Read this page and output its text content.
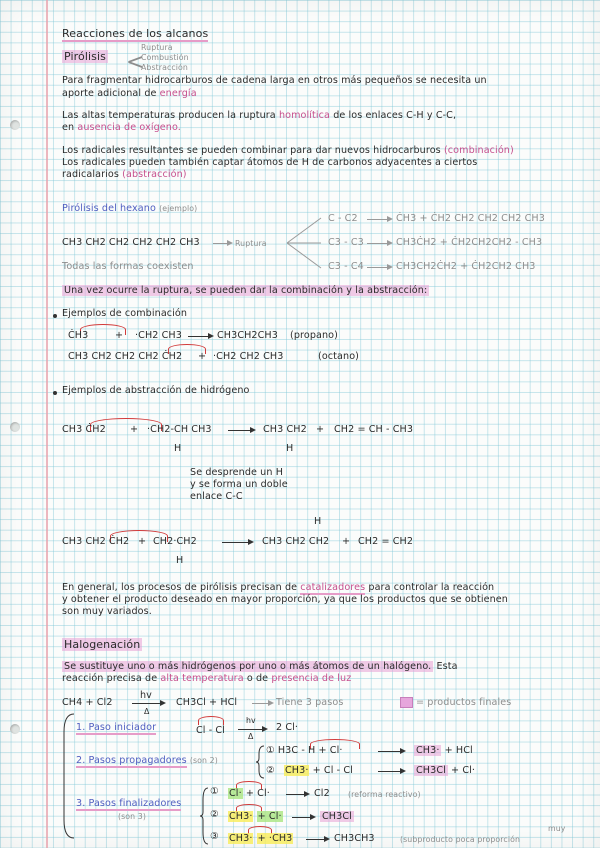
Reacciones de los alcanos
Pirólisis <
Ruptura
Combustión
Abstracción
Para fragmentar hidrocarburos de cadena larga en otros más pequeños se necesita un
aporte adicional de energía
Las altas temperaturas producen la ruptura homolítica de los enlaces C-H y C-C,
en ausencia de oxígeno.
Los radicales resultantes se pueden combinar para dar nuevos hidrocarburos (combinación)
Los radicales pueden también captar átomos de H de carbonos adyacentes a ciertos
radicalarios (abstracción)
Pirólisis del hexano (ejemplo)
CH3 CH2 CH2 CH2 CH2 CH3	Ruptura
C - C2
C3 - C3
C3 - C4
ĊH3 + ĊH2 CH2 CH2 CH2 CH3
CH3ĊH2 + ĊH2CH2CH2 - CH3
CH3CH2ĊH2 + ĊH2CH2 CH3
Todas las formas coexisten
Una vez ocurre la ruptura, se pueden dar la combinación y la abstracción:
Ejemplos de combinación
ĊH3	+ ·CH2 CH3	CH3CH2CH3 (propano)
CH3 CH2 CH2 CH2 ĊH2 + ·CH2 CH2 CH3	(octano)
Ejemplos de abstracción de hidrógeno
CH3 ĊH2	+ ·CH2-CH CH3
H
CH3 CH2
H
+ CH2 = CH - CH3
Se desprende un H
y se forma un doble
enlace C-C
H
CH3 CH2 ĊH2 + CH2·CH2
H
CH3 CH2 CH2 + CH2 = CH2
En general, los procesos de pirólisis precisan de catalizadores para controlar la reacción
y obtener el producto deseado en mayor proporción, ya que los productos que se obtienen
son muy variados.
Halogenación
Se sustituye uno o más hidrógenos por uno o más átomos de un halógeno. Esta
reacción precisa de alta temperatura o de presencia de luz
CH4 + Cl2
hv
Δ
CH3Cl + HCl	Tiene 3 pasos	= productos finales
1. Paso iniciador	Cl - Cl
hv
Δ
2 Cl·
2. Pasos propagadores (son 2)
① H3C - H + Cl·	CH3· + HCl
② CH3· + Cl - Cl	CH3Cl + Cl·
3. Pasos finalizadores
(son 3)
① Cl· + Cl·	Cl2 (reforma reactivo)
② CH3· + Cl·	CH3Cl
③ CH3· + ·CH3	CH3CH3	(subproducto poca proporción
muy
